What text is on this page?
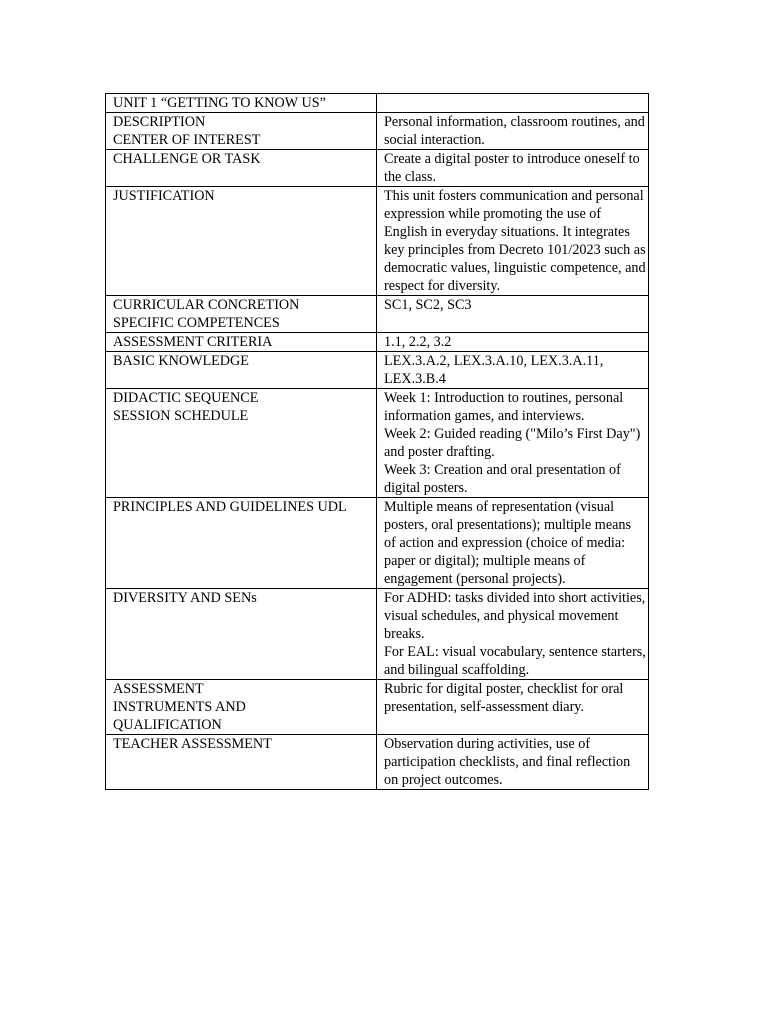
UNIT 1 “GETTING TO KNOW US”	
DESCRIPTION
CENTER OF INTEREST	Personal information, classroom routines, and social interaction.
CHALLENGE OR TASK	Create a digital poster to introduce oneself to the class.
JUSTIFICATION	This unit fosters communication and personal expression while promoting the use of English in everyday situations. It integrates key principles from Decreto 101/2023 such as democratic values, linguistic competence, and respect for diversity.
CURRICULAR CONCRETION
SPECIFIC COMPETENCES	SC1, SC2, SC3
ASSESSMENT CRITERIA	1.1, 2.2, 3.2
BASIC KNOWLEDGE	LEX.3.A.2, LEX.3.A.10, LEX.3.A.11, LEX.3.B.4
DIDACTIC SEQUENCE
SESSION SCHEDULE	Week 1: Introduction to routines, personal information games, and interviews.
Week 2: Guided reading ("Milo’s First Day") and poster drafting.
Week 3: Creation and oral presentation of digital posters.
PRINCIPLES AND GUIDELINES UDL	Multiple means of representation (visual posters, oral presentations); multiple means of action and expression (choice of media: paper or digital); multiple means of engagement (personal projects).
DIVERSITY AND SENs	For ADHD: tasks divided into short activities, visual schedules, and physical movement breaks.
For EAL: visual vocabulary, sentence starters, and bilingual scaffolding.
ASSESSMENT
INSTRUMENTS AND
QUALIFICATION	Rubric for digital poster, checklist for oral presentation, self-assessment diary.
TEACHER ASSESSMENT	Observation during activities, use of participation checklists, and final reflection on project outcomes.
